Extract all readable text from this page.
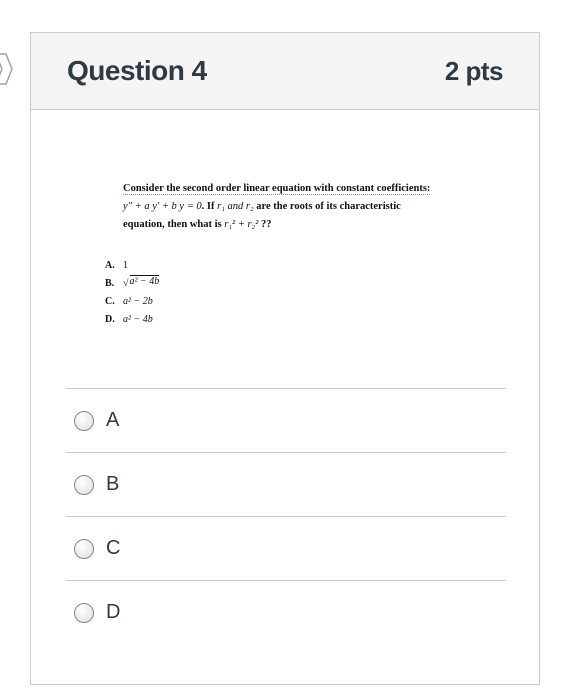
Question 4	2 pts
Consider the second order linear equation with constant coefficients:
y″ + a y′ + b y = 0. If r₁ and r₂ are the roots of its characteristic
equation, then what is r₁² + r₂² ??
A. 1
B. √ a² − 4b
C. a² − 2b
D. a² − 4b
A
B
C
D
